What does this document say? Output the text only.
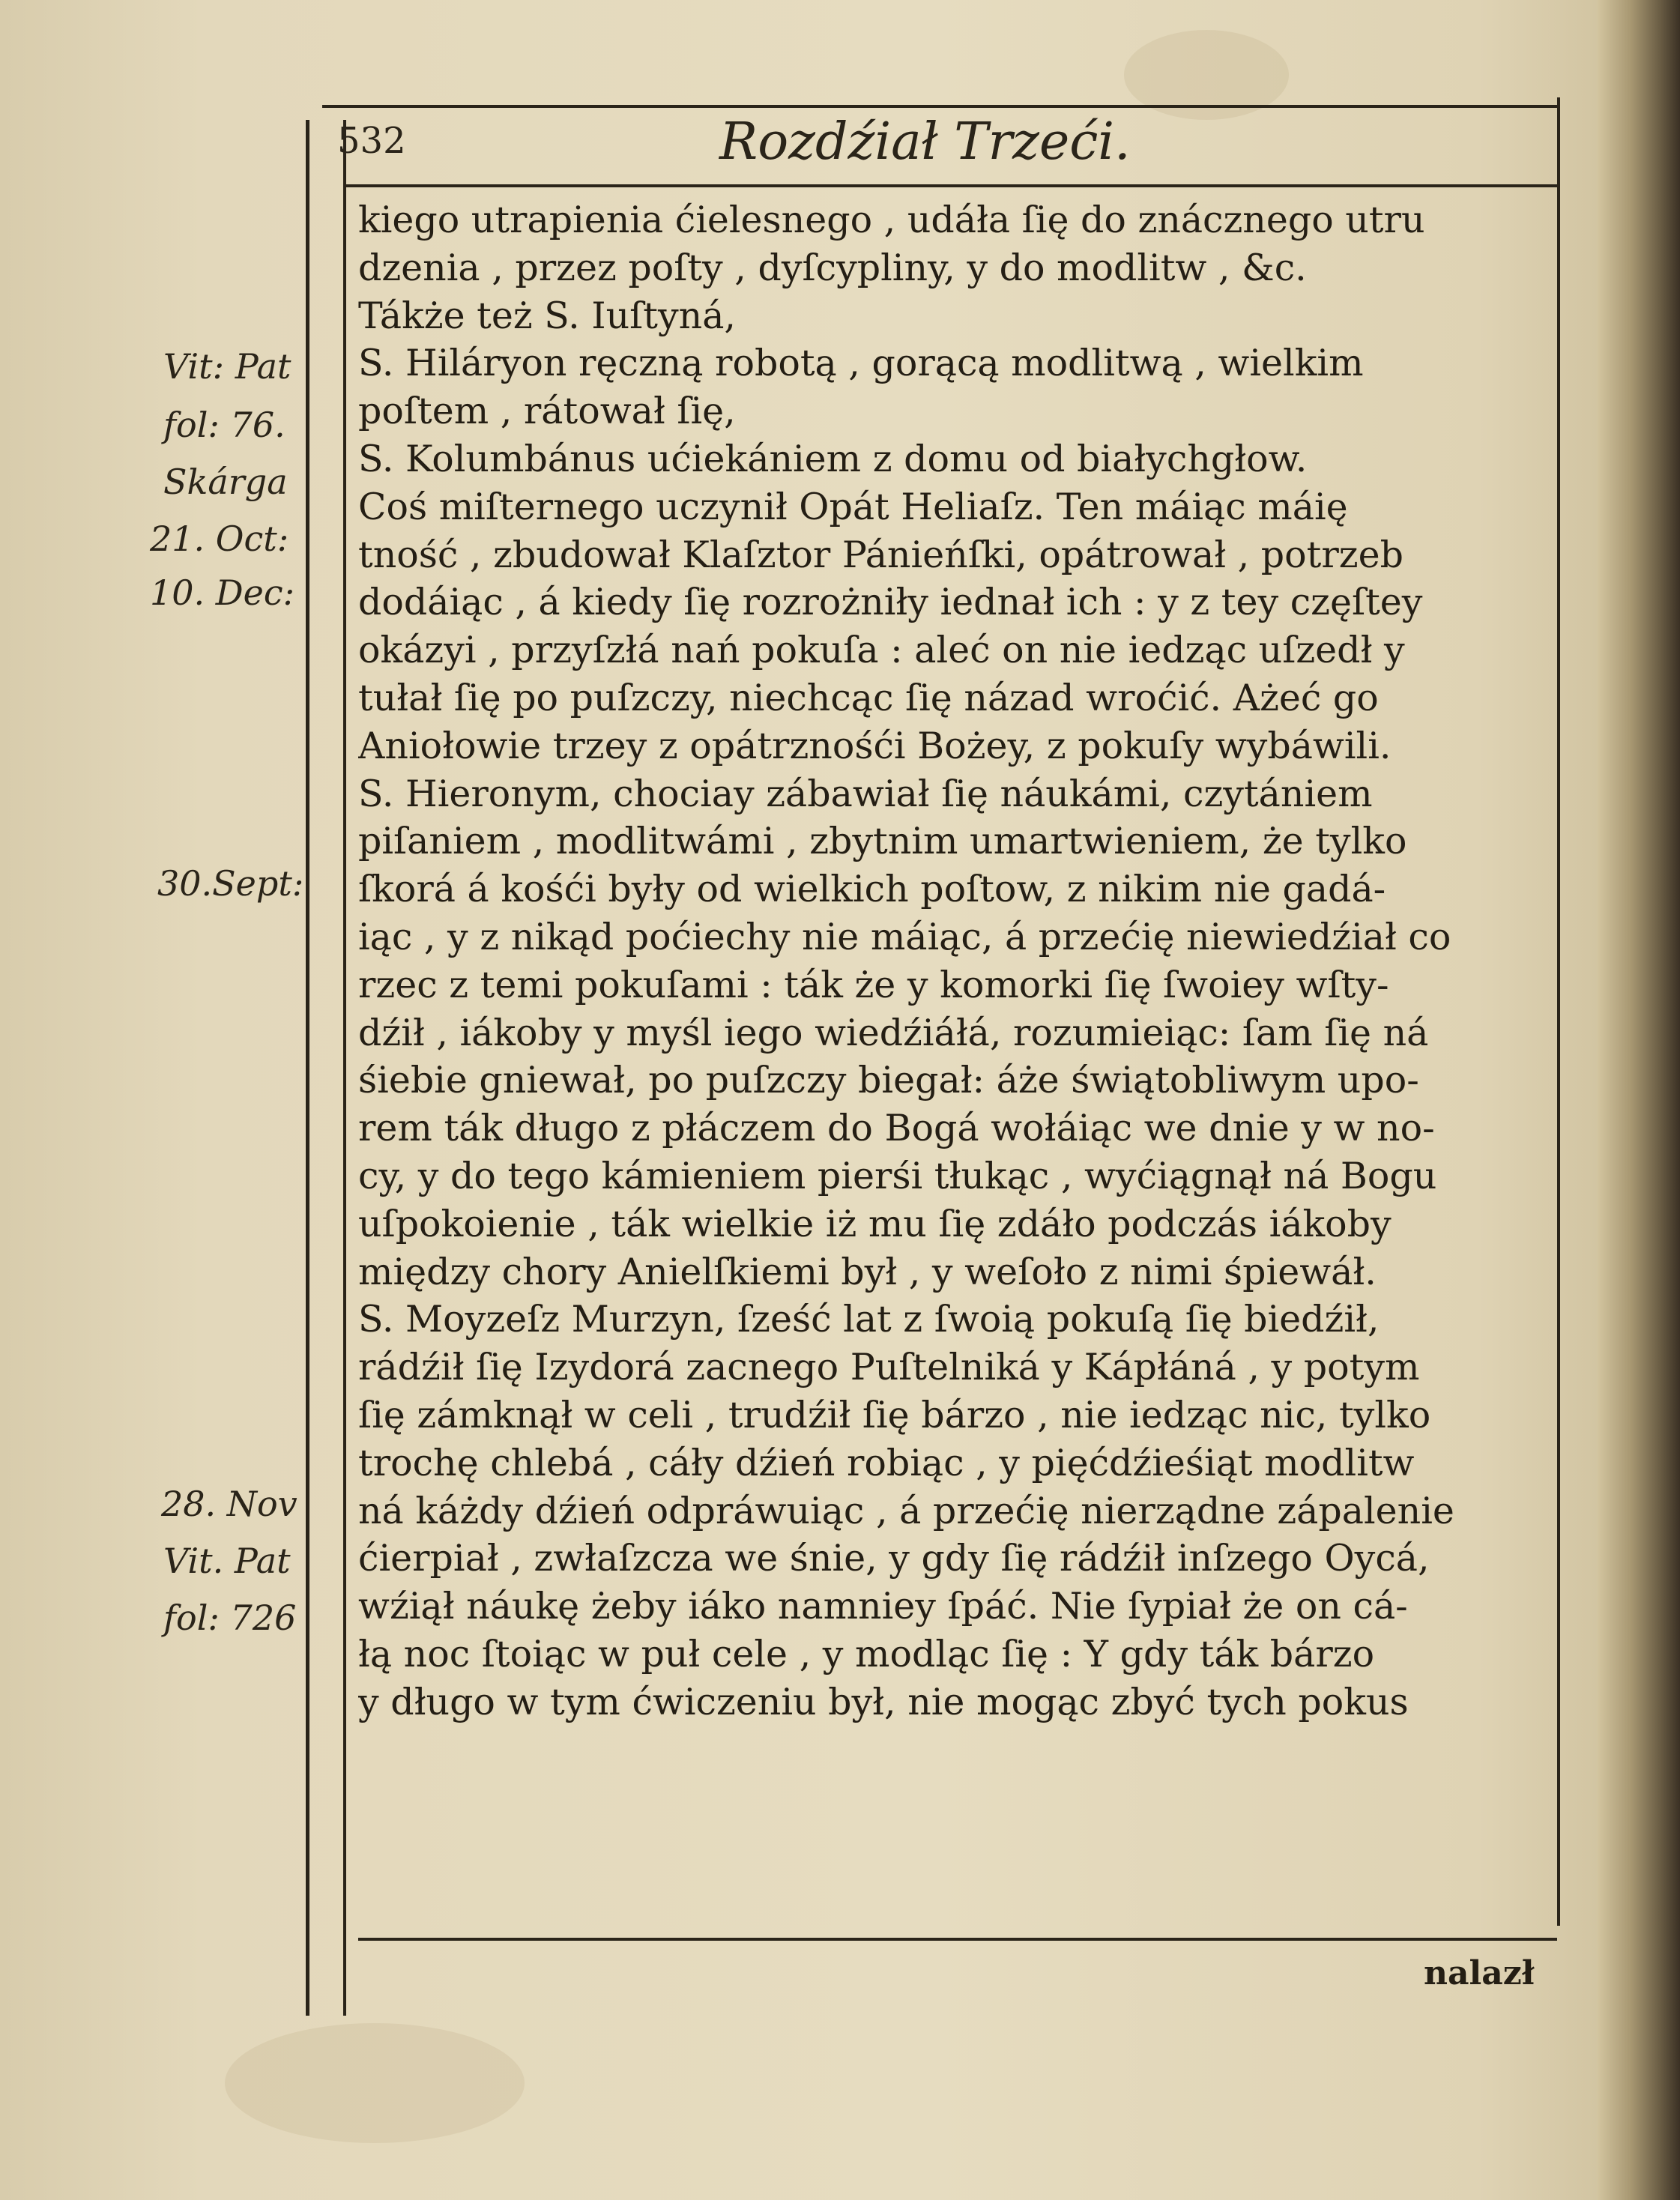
532	Rozdźiał Trzeći.
kiego utrapienia ćielesnego , udáła ſię do znácznego utru
dzenia , przez poſty , dyſcypliny, y do modlitw , &c.
Tákże też S. Iuſtyná,
S. Hiláryon ręczną robotą , gorącą modlitwą , wielkim
poſtem , rátował ſię,
S. Kolumbánus ućiekániem z domu od białychgłow.
Coś miſternego uczynił Opát Heliaſz. Ten máiąc máię
tność , zbudował Klaſztor Pánieńſki, opátrował , potrzeb
dodáiąc , á kiedy ſię rozrożniły iednał ich : y z tey częſtey
okázyi , przyſzłá nań pokuſa : aleć on nie iedząc uſzedł y
tułał ſię po puſzczy, niechcąc ſię názad wroćić. Ażeć go
Aniołowie trzey z opátrznośći Bożey, z pokuſy wybáwili.
S. Hieronym, chociay zábawiał ſię náukámi, czytániem
piſaniem , modlitwámi , zbytnim umartwieniem, że tylko
ſkorá á kośći były od wielkich poſtow, z nikim nie gadá-
iąc , y z nikąd poćiechy nie máiąc, á przećię niewiedźiał co
rzec z temi pokuſami : ták że y komorki ſię ſwoiey wſty-
dźił , iákoby y myśl iego wiedźiáłá, rozumieiąc: ſam ſię ná
śiebie gniewał, po puſzczy biegał: áże świątobliwym upo-
rem ták długo z płáczem do Bogá wołáiąc we dnie y w no-
cy, y do tego kámieniem pierśi tłukąc , wyćiągnął ná Bogu
uſpokoienie , ták wielkie iż mu ſię zdáło podczás iákoby
między chory Anielſkiemi był , y weſoło z nimi śpiewáł.
S. Moyzeſz Murzyn, ſześć lat z ſwoią pokuſą ſię biedźił,
rádźił ſię Izydorá zacnego Puſtelniká y Kápłáná , y potym
ſię zámknął w celi , trudźił ſię bárzo , nie iedząc nic, tylko
trochę chlebá , cáły dźień robiąc , y pięćdźieśiąt modlitw
ná káżdy dźień odpráwuiąc , á przećię nierządne zápalenie
ćierpiał , zwłaſzcza we śnie, y gdy ſię rádźił inſzego Oycá,
wźiął náukę żeby iáko namniey ſpáć. Nie ſypiał że on cá-
łą noc ſtoiąc w puł cele , y modląc ſię : Y gdy ták bárzo
y długo w tym ćwiczeniu był, nie mogąc zbyć tych pokus
Vit: Pat
fol: 76.
Skárga
21. Oct:
10. Dec:
30.Sept:
28. Nov
Vit. Pat
fol: 726
nalazł
